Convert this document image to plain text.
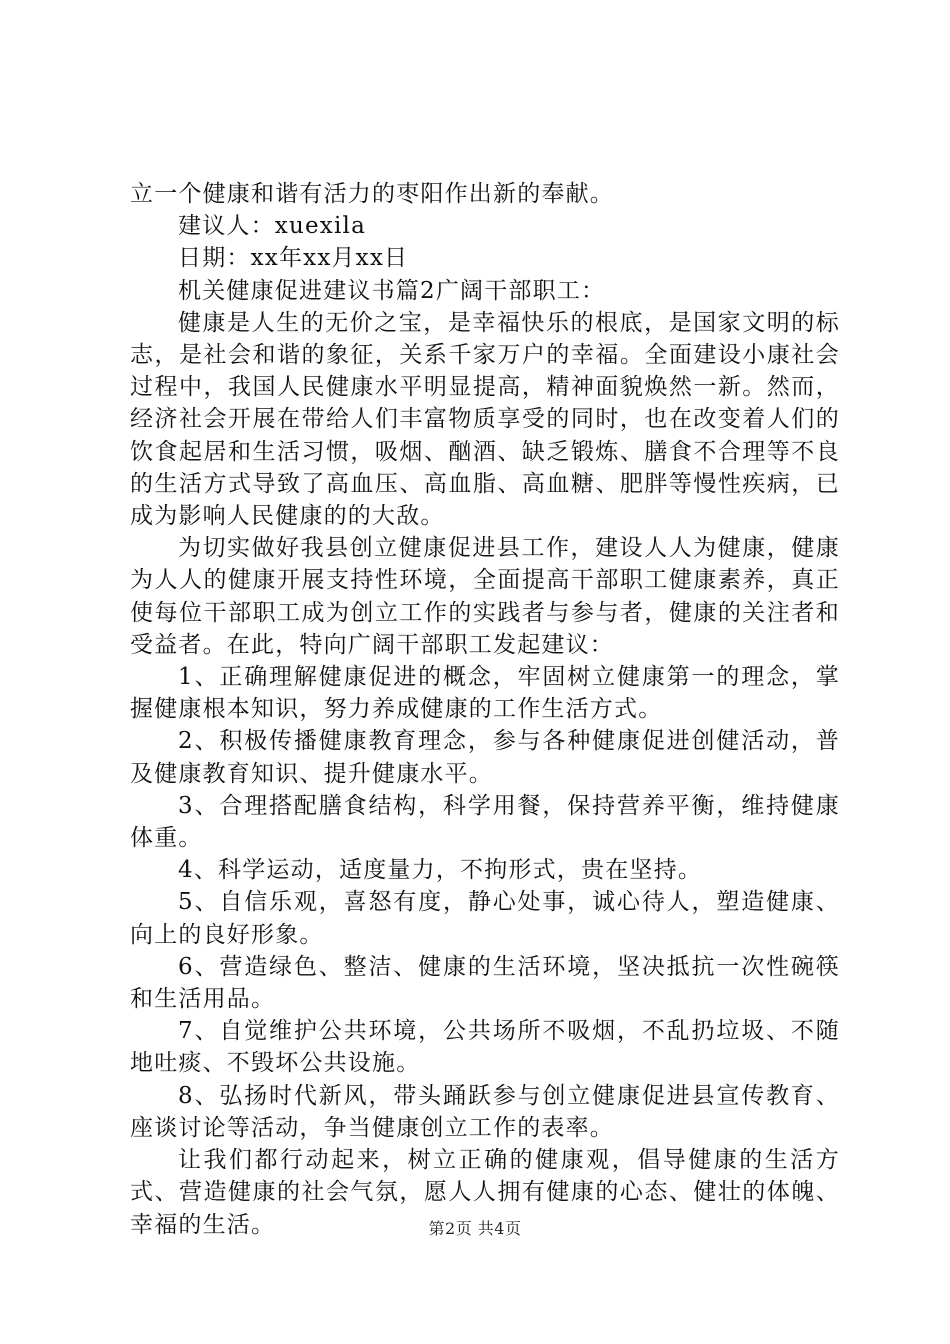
立一个健康和谐有活力的枣阳作出新的奉献。

建议人：xuexila

日期：xx年xx月xx日

机关健康促进建议书篇2广阔干部职工：

健康是人生的无价之宝，是幸福快乐的根底，是国家文明的标志，是社会和谐的象征，关系千家万户的幸福。全面建设小康社会过程中，我国人民健康水平明显提高，精神面貌焕然一新。然而，经济社会开展在带给人们丰富物质享受的同时，也在改变着人们的饮食起居和生活习惯，吸烟、酗酒、缺乏锻炼、膳食不合理等不良的生活方式导致了高血压、高血脂、高血糖、肥胖等慢性疾病，已成为影响人民健康的的大敌。

为切实做好我县创立健康促进县工作，建设人人为健康，健康为人人的健康开展支持性环境，全面提高干部职工健康素养，真正使每位干部职工成为创立工作的实践者与参与者，健康的关注者和受益者。在此，特向广阔干部职工发起建议：

1、正确理解健康促进的概念，牢固树立健康第一的理念，掌握健康根本知识，努力养成健康的工作生活方式。

2、积极传播健康教育理念，参与各种健康促进创健活动，普及健康教育知识、提升健康水平。

3、合理搭配膳食结构，科学用餐，保持营养平衡，维持健康体重。

4、科学运动，适度量力，不拘形式，贵在坚持。

5、自信乐观，喜怒有度，静心处事，诚心待人，塑造健康、向上的良好形象。

6、营造绿色、整洁、健康的生活环境，坚决抵抗一次性碗筷和生活用品。

7、自觉维护公共环境，公共场所不吸烟，不乱扔垃圾、不随地吐痰、不毁坏公共设施。

8、弘扬时代新风，带头踊跃参与创立健康促进县宣传教育、座谈讨论等活动，争当健康创立工作的表率。

让我们都行动起来，树立正确的健康观，倡导健康的生活方式、营造健康的社会气氛，愿人人拥有健康的心态、健壮的体魄、幸福的生活。	第2页 共4页
